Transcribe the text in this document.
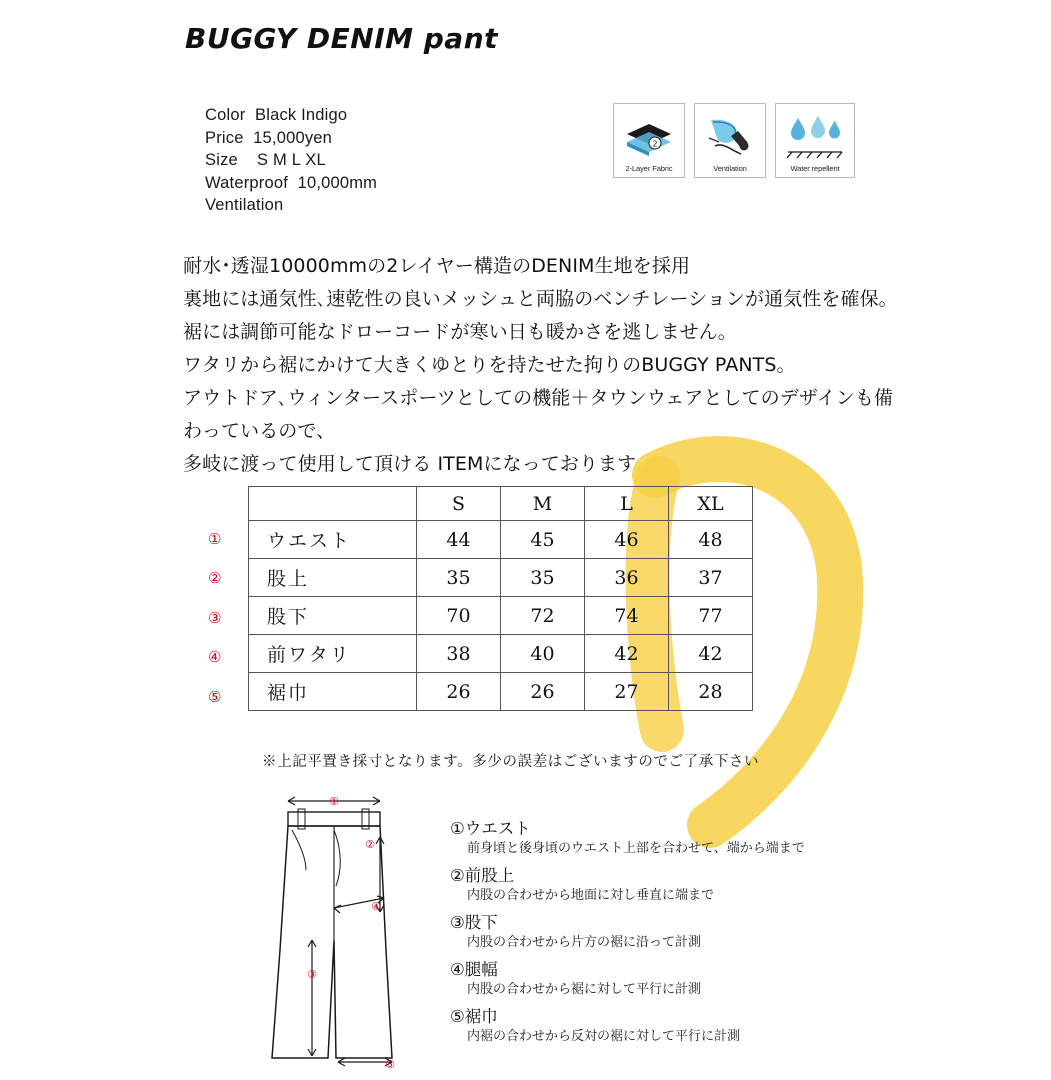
BUGGY DENIM pant
Color  Black Indigo
Price  15,000yen
Size    S M L XL
Waterproof  10,000mm
Ventilation
2
2-Layer Fabric	Ventilation	Water repellent
耐水･透湿10000mmの2レイヤー構造のDENIM生地を採用
裏地には通気性､速乾性の良いメッシュと両脇のベンチレーションが通気性を確保｡
裾には調節可能なドローコードが寒い日も暖かさを逃しません｡
ワタリから裾にかけて大きくゆとりを持たせた拘りのBUGGY PANTS｡
アウトドア､ウィンタースポーツとしての機能＋タウンウェアとしてのデザインも備わっているので、
多岐に渡って使用して頂ける ITEMになっております 。
①
②
③
④
⑤
	S	M	L	XL
ウエスト	44	45	46	48
股上	35	35	36	37
股下	70	72	74	77
前ワタリ	38	40	42	42
裾巾	26	26	27	28
※上記平置き採寸となります。多少の誤差はございますのでご了承下さい
①
②
③
④
⑤
①ウエスト
前身頃と後身頃のウエスト上部を合わせて、端から端まで
②前股上
内股の合わせから地面に対し垂直に端まで
③股下
内股の合わせから片方の裾に沿って計測
④腿幅
内股の合わせから裾に対して平行に計測
⑤裾巾
内裾の合わせから反対の裾に対して平行に計測
